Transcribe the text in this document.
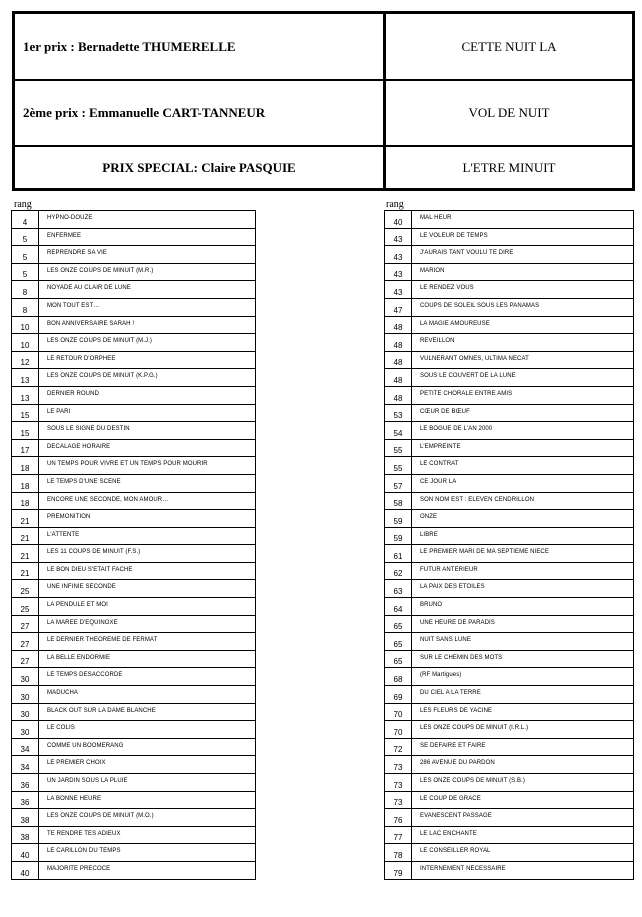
1er prix : Bernadette THUMERELLE	CETTE NUIT LA
2ème prix : Emmanuelle CART-TANNEUR	VOL DE NUIT
PRIX SPECIAL: Claire PASQUIE	L'ETRE MINUIT
rang	rang
4	HYPNO-DOUZE
5	ENFERMEE
5	REPRENDRE SA VIE
5	LES ONZE COUPS DE MINUIT (M.R.)
8	NOYADE AU CLAIR DE LUNE
8	MON TOUT EST…
10	BON ANNIVERSAIRE SARAH !
10	LES ONZE COUPS DE MINUIT (M.J.)
12	LE RETOUR D'ORPHEE
13	LES ONZE COUPS DE MINUIT (K.P.G.)
13	DERNIER ROUND
15	LE PARI
15	SOUS LE SIGNE DU DESTIN
17	DECALAGE HORAIRE
18	UN TEMPS POUR VIVRE ET UN TEMPS POUR MOURIR
18	LE TEMPS D'UNE SCENE
18	ENCORE UNE SECONDE, MON AMOUR…
21	PREMONITION
21	L'ATTENTE
21	LES 11 COUPS DE MINUIT (F.S.)
21	LE BON DIEU S'ETAIT FACHE
25	UNE INFINIE SECONDE
25	LA PENDULE ET MOI
27	LA MAREE D'EQUINOXE
27	LE DERNIER THEOREME DE FERMAT
27	LA BELLE ENDORMIE
30	LE TEMPS DESACCORDE
30	MADUCHA
30	BLACK OUT SUR LA DAME BLANCHE
30	LE COLIS
34	COMME UN BOOMERANG
34	LE PREMIER CHOIX
36	UN JARDIN SOUS LA PLUIE
36	LA BONNE HEURE
38	LES ONZE COUPS DE MINUIT (M.O.)
38	TE RENDRE TES ADIEUX
40	LE CARILLON DU TEMPS
40	MAJORITE PRECOCE
40	MAL HEUR
43	LE VOLEUR DE TEMPS
43	J'AURAIS TANT VOULU TE DIRE
43	MARION
43	LE RENDEZ VOUS
47	COUPS DE SOLEIL SOUS LES PANAMAS
48	LA MAGIE AMOUREUSE
48	REVEILLON
48	VULNERANT OMNES, ULTIMA NECAT
48	SOUS LE COUVERT DE LA LUNE
48	PETITE CHORALE ENTRE AMIS
53	CŒUR DE BŒUF
54	LE BOGUE DE L'AN 2000
55	L'EMPREINTE
55	LE CONTRAT
57	CE JOUR LA
58	SON NOM EST : ELEVEN CENDRILLON
59	ONZE
59	LIBRE
61	LE PREMIER MARI DE MA SEPTIEME NIECE
62	FUTUR ANTERIEUR
63	LA PAIX DES ETOILES
64	BRUNO
65	UNE HEURE DE PARADIS
65	NUIT SANS LUNE
65	SUR LE CHEMIN DES MOTS
68	(RF Martigues)
69	DU CIEL A LA TERRE
70	LES FLEURS DE YACINE
70	LES ONZE COUPS DE MINUIT (I.R.L.)
72	SE DEFAIRE ET FAIRE
73	286 AVENUE DU PARDON
73	LES ONZE COUPS DE MINUIT (S.B.)
73	LE COUP DE GRACE
76	EVANESCENT PASSAGE
77	LE LAC ENCHANTE
78	LE CONSEILLER ROYAL
79	INTERNEMENT NECESSAIRE
